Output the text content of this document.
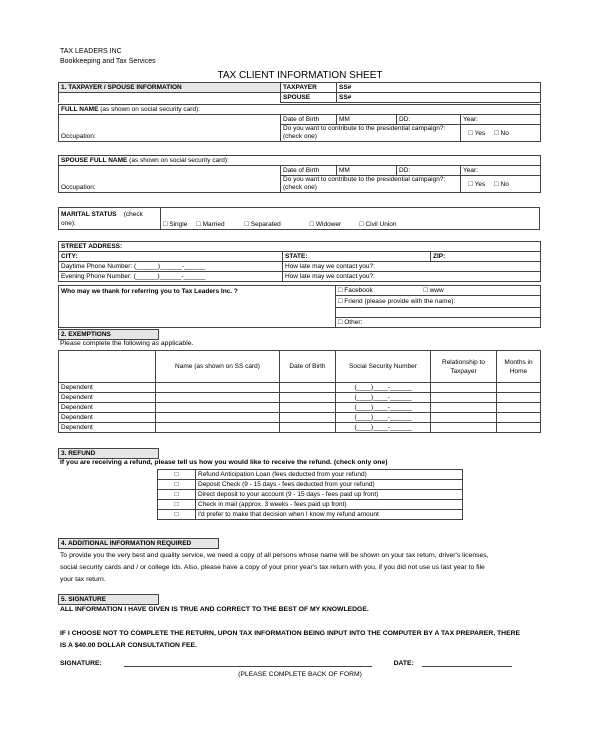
TAX LEADERS INC
Bookkeeping and Tax Services
TAX CLIENT INFORMATION SHEET
1. TAXPAYER / SPOUSE INFORMATION	TAXPAYER	SS#
	SPOUSE	SS#
FULL NAME (as shown on social security card):				
	Date of Birth	MM	DD:	Year:
Occupation:	Do you want to contribute to the presidential campaign?: (check one)	□Yes □ No
SPOUSE FULL NAME (as shown on social security card):				
	Date of Birth	MM	DD:	Year:
Occupation:	Do you want to contribute to the presidential campaign?: (check one)	□Yes □ No
MARITAL STATUS (check one):	□Single □ Married □	Separated □	Widower □	Civil Union
STREET ADDRESS:		
CITY:	STATE:	ZIP:
Daytime Phone Number: (______)______-______	How late may we contact you?:	
Evening Phone Number: (______)______-______	How late may we contact you?:	
Who may we thank for referring you to Tax Leaders Inc. ?	□Facebook □	www
□ Friend (please provide with the name):

□ Other:
2. EXEMPTIONS	
Please complete the following as applicable.
	Name (as shown on SS card)	Date of Birth	Social Security Number	Relationship to Taxpayer	Months in Home
Dependent			(____)____-______		
Dependent			(____)____-______		
Dependent			(____)____-______		
Dependent			(____)____-______		
Dependent			(____)____-______		
3. REFUND	
If you are receiving a refund, please tell us how you would like to receive the refund. (check only one)
□	Refund Anticipation Loan (fees deducted from your refund)
□	Deposit Check (9 - 15 days - fees deducted from your refund)
□	Direct deposit to your account (9 - 15 days - fees paid up front)
□	Check in mail (approx. 3 weeks - fees paid up front)
□	I'd prefer to make that decision when I know my refund amount
4. ADDITIONAL INFORMATION REQUIRED	
To provide you the very best and quality service, we need a copy of all persons whose name will be shown on your tax return, driver's licenses,
social security cards and / or college Ids. Also, please have a copy of your prior year's tax return with you, if you did not use us last year to file
your tax return.
5. SIGNATURE	
ALL INFORMATION I HAVE GIVEN IS TRUE AND CORRECT TO THE BEST OF MY KNOWLEDGE.
IF I CHOOSE NOT TO COMPLETE THE RETURN, UPON TAX INFORMATION BEING INPUT INTO THE COMPUTER BY A TAX PREPARER, THERE
IS A $40.00 DOLLAR CONSULTATION FEE.
SIGNATURE:	DATE:
(PLEASE COMPLETE BACK OF FORM)
